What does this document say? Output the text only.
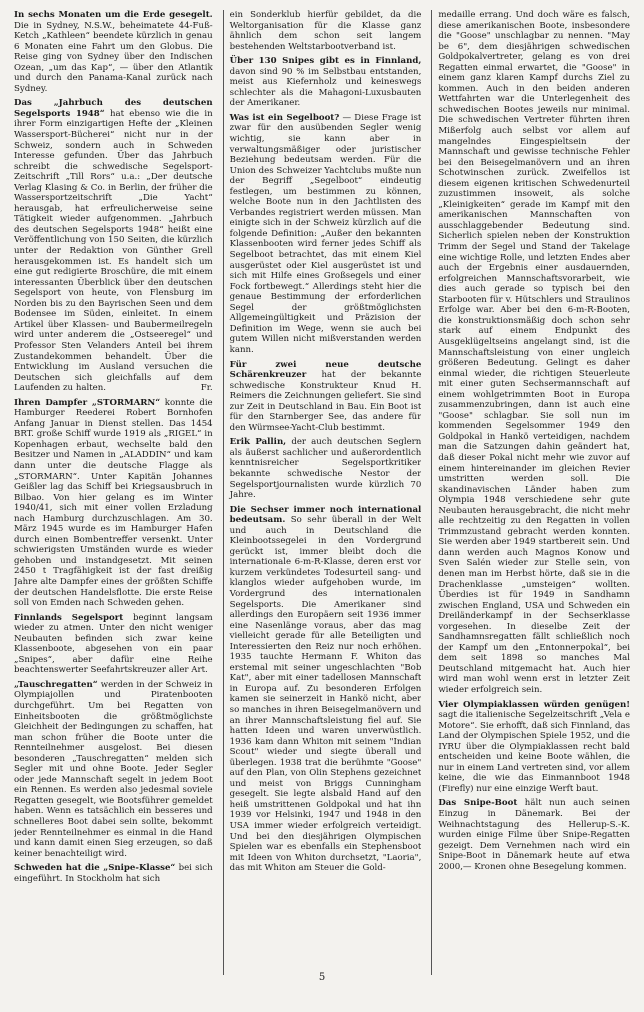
In sechs Monaten um die Erde gesegelt. Die in Sydney, N.S.W., beheimatete 44-Fuß-Ketch „Kathleen“ beendete kürzlich in genau 6 Monaten eine Fahrt um den Globus. Die Reise ging von Sydney über den Indischen Ozean, „um das Kap“, — über den Atlantik und durch den Panama-Kanal zurück nach Sydney.

Das „Jahrbuch des deutschen Segelsports 1948“ hat ebenso wie die in ihrer Form einzigartigen Hefte der „Kleinen Wassersport-Bücherei“ nicht nur in der Schweiz, sondern auch in Schweden Interesse gefunden. Über das Jahrbuch schreibt die schwedische Segelsport-Zeitschrift „Till Rors“ u.a.: „Der deutsche Verlag Klasing & Co. in Berlin, der früher die Wassersportzeitschrift „Die Yacht“ herausgab, hat erfreulicherweise seine Tätigkeit wieder aufgenommen. „Jahrbuch des deutschen Segelsports 1948“ heißt eine Veröffentlichung von 150 Seiten, die kürzlich unter der Redaktion von Günther Grell herausgekommen ist. Es handelt sich um eine gut redigierte Broschüre, die mit einem interessanten Überblick über den deutschen Segelsport von heute, von Flensburg im Norden bis zu den Bayrischen Seen und dem Bodensee im Süden, einleitet. In einem Artikel über Klassen- und Baubermeilregeln wird unter anderem die „Ostseeregel“ und Professor Sten Velanders Anteil bei ihrem Zustandekommen behandelt. Über die Entwicklung im Ausland versuchen die Deutschen sich gleichfalls auf dem Laufenden zu halten.	Fr.

Ihren Dampfer „STORMARN“ konnte die Hamburger Reederei Robert Bornhofen Anfang Januar in Dienst stellen. Das 1454 BRT. große Schiff wurde 1919 als „RIGEL“ in Kopenhagen erbaut, wechselte bald den Besitzer und Namen in „ALADDIN“ und kam dann unter die deutsche Flagge als „STORMARN“. Unter Kapitän Johannes Geißler lag das Schiff bei Kriegsausbruch in Bilbao. Von hier gelang es im Winter 1940/41, sich mit einer vollen Erzladung nach Hamburg durchzuschlagen. Am 30. März 1945 wurde es im Hamburger Hafen durch einen Bombentreffer versenkt. Unter schwierigsten Umständen wurde es wieder gehoben und instandgesetzt. Mit seinen 2450 t Tragfähigkeit ist der fast dreißig Jahre alte Dampfer eines der größten Schiffe der deutschen Handelsflotte. Die erste Reise soll von Emden nach Schweden gehen.

Finnlands Segelsport beginnt langsam wieder zu atmen. Unter den nicht weniger Neubauten befinden sich zwar keine Klassenboote, abgesehen von ein paar „Snipes“, aber dafür eine Reihe beachtenswerter Seefahrtskreuzer aller Art.

„Tauschregatten“ werden in der Schweiz in Olympiajollen und Piratenbooten durchgeführt. Um bei Regatten von Einheitsbooten die größtmöglichste Gleichheit der Bedingungen zu schaffen, hat man schon früher die Boote unter die Rennteilnehmer ausgelost. Bei diesen besonderen „Tauschregatten“ melden sich Segler mit und ohne Boote. Jeder Segler oder jede Mannschaft segelt in jedem Boot ein Rennen. Es werden also jedesmal soviele Regatten gesegelt, wie Bootsführer gemeldet haben. Wenn es tatsächlich ein besseres und schnelleres Boot dabei sein sollte, bekommt jeder Rennteilnehmer es einmal in die Hand und kann damit einen Sieg erzeugen, so daß keiner benachteiligt wird.

Schweden hat die „Snipe-Klasse“ bei sich eingeführt. In Stockholm hat sich

ein Sonderklub hierfür gebildet, da die Weltorganisation für die Klasse ganz ähnlich dem schon seit langem bestehenden Weltstarbootverband ist.

Über 130 Snipes gibt es in Finnland, davon sind 90 % im Selbstbau entstanden, meist aus Kiefernholz und keineswegs schlechter als die Mahagoni-Luxusbauten der Amerikaner.

Was ist ein Segelboot? — Diese Frage ist zwar für den ausübenden Segler wenig wichtig, sie kann aber in verwaltungsmäßiger oder juristischer Beziehung bedeutsam werden. Für die Union des Schweizer Yachtclubs mußte nun der Begriff „Segelboot“ eindeutig festlegen, um bestimmen zu können, welche Boote nun in den Jachtlisten des Verbandes registriert werden müssen. Man einigte sich in der Schweiz kürzlich auf die folgende Definition: „Außer den bekannten Klassenbooten wird ferner jedes Schiff als Segelboot betrachtet, das mit einem Kiel ausgerüstet oder Kiel ausgerüstet ist und sich mit Hilfe eines Großsegels und einer Fock fortbewegt.“ Allerdings steht hier die genaue Bestimmung der erforderlichen Segel der größtmöglichsten Allgemeingültigkeit und Präzision der Definition im Wege, wenn sie auch bei gutem Willen nicht mißverstanden werden kann.

Für zwei neue deutsche Schärenkreuzer hat der bekannte schwedische Konstrukteur Knud H. Reimers die Zeichnungen geliefert. Sie sind zur Zeit in Deutschland in Bau. Ein Boot ist für den Starnberger See, das andere für den Würmsee-Yacht-Club bestimmt.

Erik Pallin, der auch deutschen Seglern als äußerst sachlicher und außerordentlich kenntnisreicher Segelsportkritiker bekannte schwedische Nestor der Segelsportjournalisten wurde kürzlich 70 Jahre.

Die Sechser immer noch international bedeutsam. So sehr überall in der Welt und auch in Deutschland die Kleinbootssegelei in den Vordergrund gerückt ist, immer bleibt doch die internationale 6-m-R-Klasse, deren erst vor kurzem verkündetes Todesurteil sang- und klanglos wieder aufgehoben wurde, im Vordergrund des internationalen Segelsports. Die Amerikaner sind allerdings den Europäern seit 1936 immer eine Nasenlänge voraus, aber das mag vielleicht gerade für alle Beteiligten und Interessierten den Reiz nur noch erhöhen. 1935 tauchte Hermann F. Whiton das erstemal mit seiner ungeschlachten "Bob Kat", aber mit einer tadellosen Mannschaft in Europa auf. Zu besonderen Erfolgen kamen sie seinerzeit in Hankö nicht, aber so manches in ihren Beisegelmanövern und an ihrer Mannschaftsleistung fiel auf. Sie hatten Ideen und waren unverwüstlich. 1936 kam dann Whiton mit seinem "Indian Scout" wieder und siegte überall und überlegen. 1938 trat die berühmte "Goose" auf den Plan, von Olin Stephens gezeichnet und meist von Briggs Cunningham gesegelt. Sie legte alsbald Hand auf den heiß umstrittenen Goldpokal und hat ihn 1939 vor Helsinki, 1947 und 1948 in den USA immer wieder erfolgreich verteidigt. Und bei den diesjährigen Olympischen Spielen war es ebenfalls ein Stephensboot mit Ideen von Whiton durchsetzt, "Laoria", das mit Whiton am Steuer die Gold-

medaille errang. Und doch wäre es falsch, diese amerikanischen Boote, insbesondere die "Goose" unschlagbar zu nennen. "May be 6", dem diesjährigen schwedischen Goldpokalvertreter, gelang es von drei Regatten einmal erwartet, die "Goose" in einem ganz klaren Kampf durchs Ziel zu kommen. Auch in den beiden anderen Wettfahrten war die Unterlegenheit des schwedischen Bootes jeweils nur minimal. Die schwedischen Vertreter führten ihren Mißerfolg auch selbst vor allem auf mangelndes Eingespieltsein der Mannschaft und gewisse technische Fehler bei den Beisegelmanövern und an ihren Schotwinschen zurück. Zweifellos ist diesem eigenen kritischen Schwedenurteil zuzustimmen insoweit, als solche „Kleinigkeiten“ gerade im Kampf mit den amerikanischen Mannschaften von ausschlaggebender Bedeutung sind. Sicherlich spielen neben der Konstruktion Trimm der Segel und Stand der Takelage eine wichtige Rolle, und letzten Endes aber auch der Ergebnis einer ausdauernden, erfolgreichen Mannschaftsvorarbeit, wie dies auch gerade so typisch bei den Starbooten für v. Hütschlers und Straulinos Erfolge war. Aber bei den 6-m-R-Booten, die konstruktionsmäßig doch schon sehr stark auf einem Endpunkt des Ausgeklügeltseins angelangt sind, ist die Mannschaftsleistung von einer ungleich größeren Bedeutung. Gelingt es daher einmal wieder, die richtigen Steuerleute mit einer guten Sechsermannschaft auf einem wohlgetrimmten Boot in Europa zusammenzubringen, dann ist auch eine "Goose" schlagbar. Sie soll nun im kommenden Segelsommer 1949 den Goldpokal in Hankö verteidigen, nachdem man die Satzungen dahin geändert hat, daß dieser Pokal nicht mehr wie zuvor auf einem hintereinander im gleichen Revier umstritten werden soll. Die skandinavischen Länder haben zum Olympia 1948 verschiedene sehr gute Neubauten herausgebracht, die nicht mehr alle rechtzeitig zu den Regatten in vollen Trimmzustand gebracht werden konnten. Sie werden aber 1949 startbereit sein. Und dann werden auch Magnos Konow und Sven Salén wieder zur Stelle sein, von denen man im Herbst hörte, daß sie in die Drachenklasse „umsteigen“ wollten. Überdies ist für 1949 in Sandhamn zwischen England, USA und Schweden ein Dreiländerkampf in der Sechserklasse vorgesehen. In dieselbe Zeit der Sandhamnsregatten fällt schließlich noch der Kampf um den „Entonnerpokal“, bei dem seit 1898 so manches Mal Deutschland mitgemacht hat. Auch hier wird man wohl wenn erst in letzter Zeit wieder erfolgreich sein.

Vier Olympiaklassen würden genügen! sagt die italienische Segelzeitschrift „Vela e Motore“. Sie erhofft, daß sich Finnland, das Land der Olympischen Spiele 1952, und die IYRU über die Olympiaklassen recht bald entscheiden und keine Boote wählen, die nur in einem Land vertreten sind, vor allem keine, die wie das Einmannboot 1948 (Firefly) nur eine einzige Werft baut.

Das Snipe-Boot hält nun auch seinen Einzug in Dänemark. Bei der Weihnachtstagung des Hellerup-S.-K. wurden einige Filme über Snipe-Regatten gezeigt. Dem Vernehmen nach wird ein Snipe-Boot in Dänemark heute auf etwa 2000,— Kronen ohne Besegelung kommen.

5
